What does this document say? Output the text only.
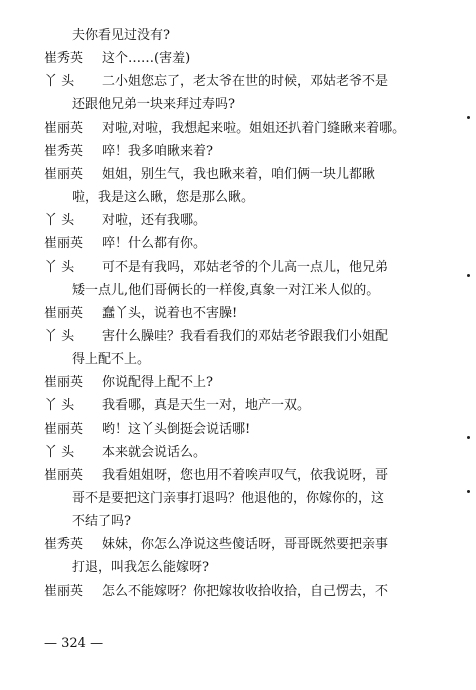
夫你看见过没有?
崔秀英 这个……(害羞)
丫 头 二小姐您忘了，老太爷在世的时候，邓姑老爷不是
还跟他兄弟一块来拜过寿吗?
崔丽英 对啦,对啦，我想起来啦。姐姐还扒着门缝瞅来着哪。
崔秀英 啐！我多咱瞅来着?
崔丽英 姐姐，别生气，我也瞅来着，咱们俩一块儿都瞅
啦，我是这么瞅，您是那么瞅。
丫 头 对啦，还有我哪。
崔丽英 啐！什么都有你。
丫 头 可不是有我吗，邓姑老爷的个儿高一点儿，他兄弟
矮一点儿,他们哥俩长的一样俊,真象一对江米人似的。
崔丽英 蠢丫头，说着也不害臊!
丫 头 害什么臊哇？我看看我们的邓姑老爷跟我们小姐配
得上配不上。
崔丽英 你说配得上配不上?
丫 头 我看哪，真是天生一对，地产一双。
崔丽英 哟！这丫头倒挺会说话哪!
丫 头 本来就会说话么。
崔丽英 我看姐姐呀，您也用不着唉声叹气，依我说呀，哥
哥不是要把这门亲事打退吗？他退他的，你嫁你的，这
不结了吗?
崔秀英 妹妹，你怎么净说这些傻话呀，哥哥既然要把亲事
打退，叫我怎么能嫁呀?
崔丽英 怎么不能嫁呀？你把嫁妆收拾收拾，自己愣去，不
— 324 —
